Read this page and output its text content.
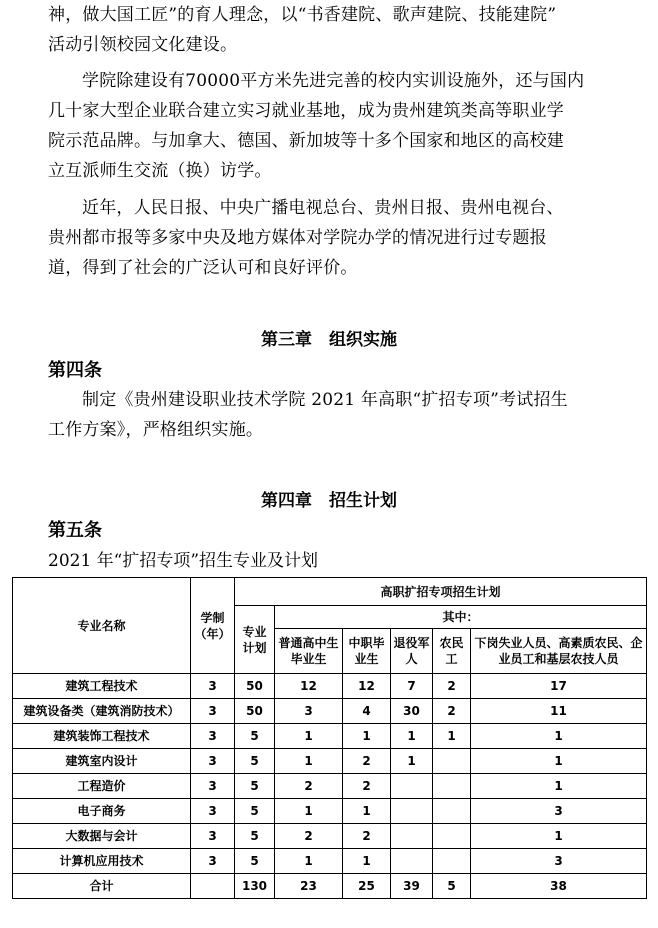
神，做大国工匠”的育人理念，以“书香建院、歌声建院、技能建院”
活动引领校园文化建设。
学院除建设有70000平方米先进完善的校内实训设施外，还与国内
几十家大型企业联合建立实习就业基地，成为贵州建筑类高等职业学
院示范品牌。与加拿大、德国、新加坡等十多个国家和地区的高校建
立互派师生交流（换）访学。
近年，人民日报、中央广播电视总台、贵州日报、贵州电视台、
贵州都市报等多家中央及地方媒体对学院办学的情况进行过专题报
道，得到了社会的广泛认可和良好评价。
第三章　组织实施
第四条
制定《贵州建设职业技术学院 2021 年高职“扩招专项”考试招生
工作方案》，严格组织实施。
第四章　招生计划
第五条

2021 年“扩招专项”招生专业及计划

专业名称	学制（年）	高职扩招专项招生计划					
		专业计划	其中：				
			普通高中生毕业生	中职毕业生	退役军人	农民工	下岗失业人员、高素质农民、企业员工和基层农技人员
建筑工程技术	3	50	12	12	7	2	17
建筑设备类（建筑消防技术）	3	50	3	4	30	2	11
建筑装饰工程技术	3	5	1	1	1	1	1
建筑室内设计	3	5	1	2	1		1
工程造价	3	5	2	2			1
电子商务	3	5	1	1			3
大数据与会计	3	5	2	2			1
计算机应用技术	3	5	1	1			3
合计		130	23	25	39	5	38
